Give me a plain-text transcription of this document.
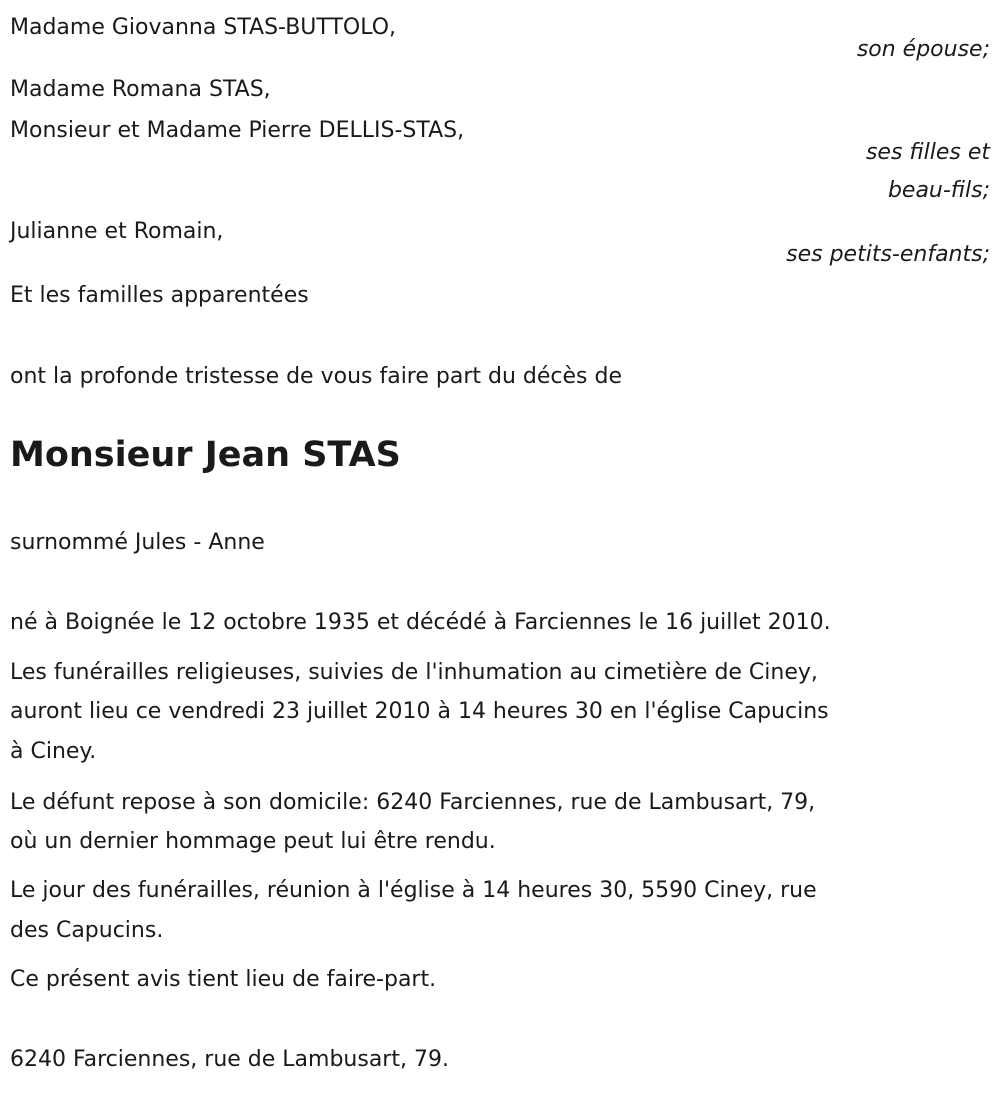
Madame Giovanna STAS-BUTTOLO,
son épouse;
Madame Romana STAS,
Monsieur et Madame Pierre DELLIS-STAS,
ses filles et
beau-fils;
Julianne et Romain,
ses petits-enfants;
Et les familles apparentées
ont la profonde tristesse de vous faire part du décès de
Monsieur Jean STAS
surnommé Jules - Anne
né à Boignée le 12 octobre 1935 et décédé à Farciennes le 16 juillet 2010.
Les funérailles religieuses, suivies de l'inhumation au cimetière de Ciney,
auront lieu ce vendredi 23 juillet 2010 à 14 heures 30 en l'église Capucins
à Ciney.
Le défunt repose à son domicile: 6240 Farciennes, rue de Lambusart, 79,
où un dernier hommage peut lui être rendu.
Le jour des funérailles, réunion à l'église à 14 heures 30, 5590 Ciney, rue
des Capucins.
Ce présent avis tient lieu de faire-part.
6240 Farciennes, rue de Lambusart, 79.
